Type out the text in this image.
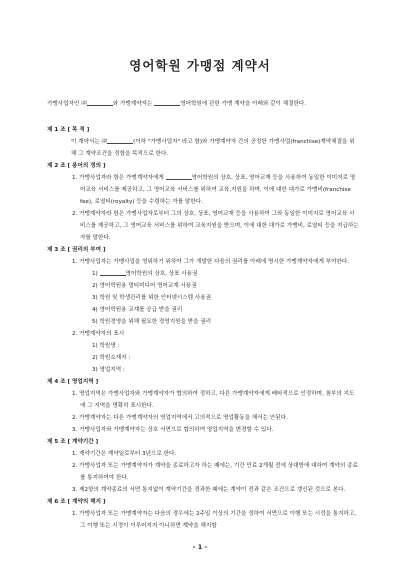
영어학원 가맹점 계약서
가맹사업자인 ㈜	와 가맹계약자는	영어학원에 관한 가맹 계약을 아래와 같이 체결한다.
제 1 조 [ 목 적 ]
이 계약서는 ㈜	(이하 "가맹사업자" 라고 함)와 가맹계약자 간의 공정한 가맹사업(franchise)계약체결을 위해 그 계약조건을 정함을 목적으로 한다.
제 2 조 [ 용어의 정의 ]
1. 가맹사업자라 함은 가맹계약자에게	영어학원의 상호, 상표, 영어교재 등을 사용하여 동일한 이미지로 영어교육 서비스를 제공하고, 그 영어교육 서비스를 위하여 교육,지원을 하며, 이에 대한 대가로 가맹비(franchise fee), 로열티(royalty) 등을 수령하는 자를 말한다.
2. 가맹계약자라 함은 가맹사업자로부터 그의 상호, 상표, 영어교재 등을 사용하여 그와 동일한 이미지로 영어교육 서비스를 제공하고, 그 영어교육 서비스를 위하여 교육지원을 받으며, 이에 대한 대가로 가맹비, 로열티 등을 지급하는 자를 말한다.
제 3 조 [ 권리의 부여 ]
1. 가맹사업자는 가맹사업을 영위하기 위하여 그가 개발한 다음의 권리를 아래에 명시한 가맹계약자에게 부여한다.
1)	영어학원의 상호, 상표 사용권
2) 영어학원용 멀티미디어 영어교재 사용권
3) 학원 및 학생관리를 위한 인터넷시스템 사용권
4) 영어학원용 교재를 공급 받을 권리
5) 학원경영을 위해 필요한 경영지원을 받을 권리
2. 가맹계약자의 표시
1) 학원명 :
2) 학원소재지 :
3) 영업지역 :
제 4 조 [ 영업지역 ]
1. 영업지역은 가맹사업자와 가맹계약자가 협의하여 정하고, 다른 가맹계약자에게 배타적으로 인정하며, 첨부의 지도에 그 지역을 명확히 표시한다.
2. 가맹계약자는 다른 가맹계약자의 영업지역에서 고의적으로 영업활동을 해서는 안된다.
3. 가맹사업자와 가맹계약자는 상호 서면으로 합의하여 영업지역을 변경할 수 있다.
제 5 조 [ 계약기간 ]
1. 계약기간은 계약일로부터 3년으로 한다.
2. 가맹사업자 또는 가맹계약자가 계약을 종료하고자 하는 때에는, 기간 만료 2개월 전에 상대방에 대하여 계약의 종료를 통지하여야 한다.
3. 제2항의 계약종료의 서면 통지없이 계약기간을 경과한 때에는 계약이 전과 같은 조건으로 갱신된 것으로 본다.
제 6 조 [ 계약의 해지 ]
1. 가맹사업자 또는 가맹계약자는 다음의 경우에는 2주일 이상의 기간을 정하여 서면으로 이행 또는 시정을 통지하고, 그 이행 또는 시정이 이루어지지 아니하면 계약을 해지할
- 1 -
